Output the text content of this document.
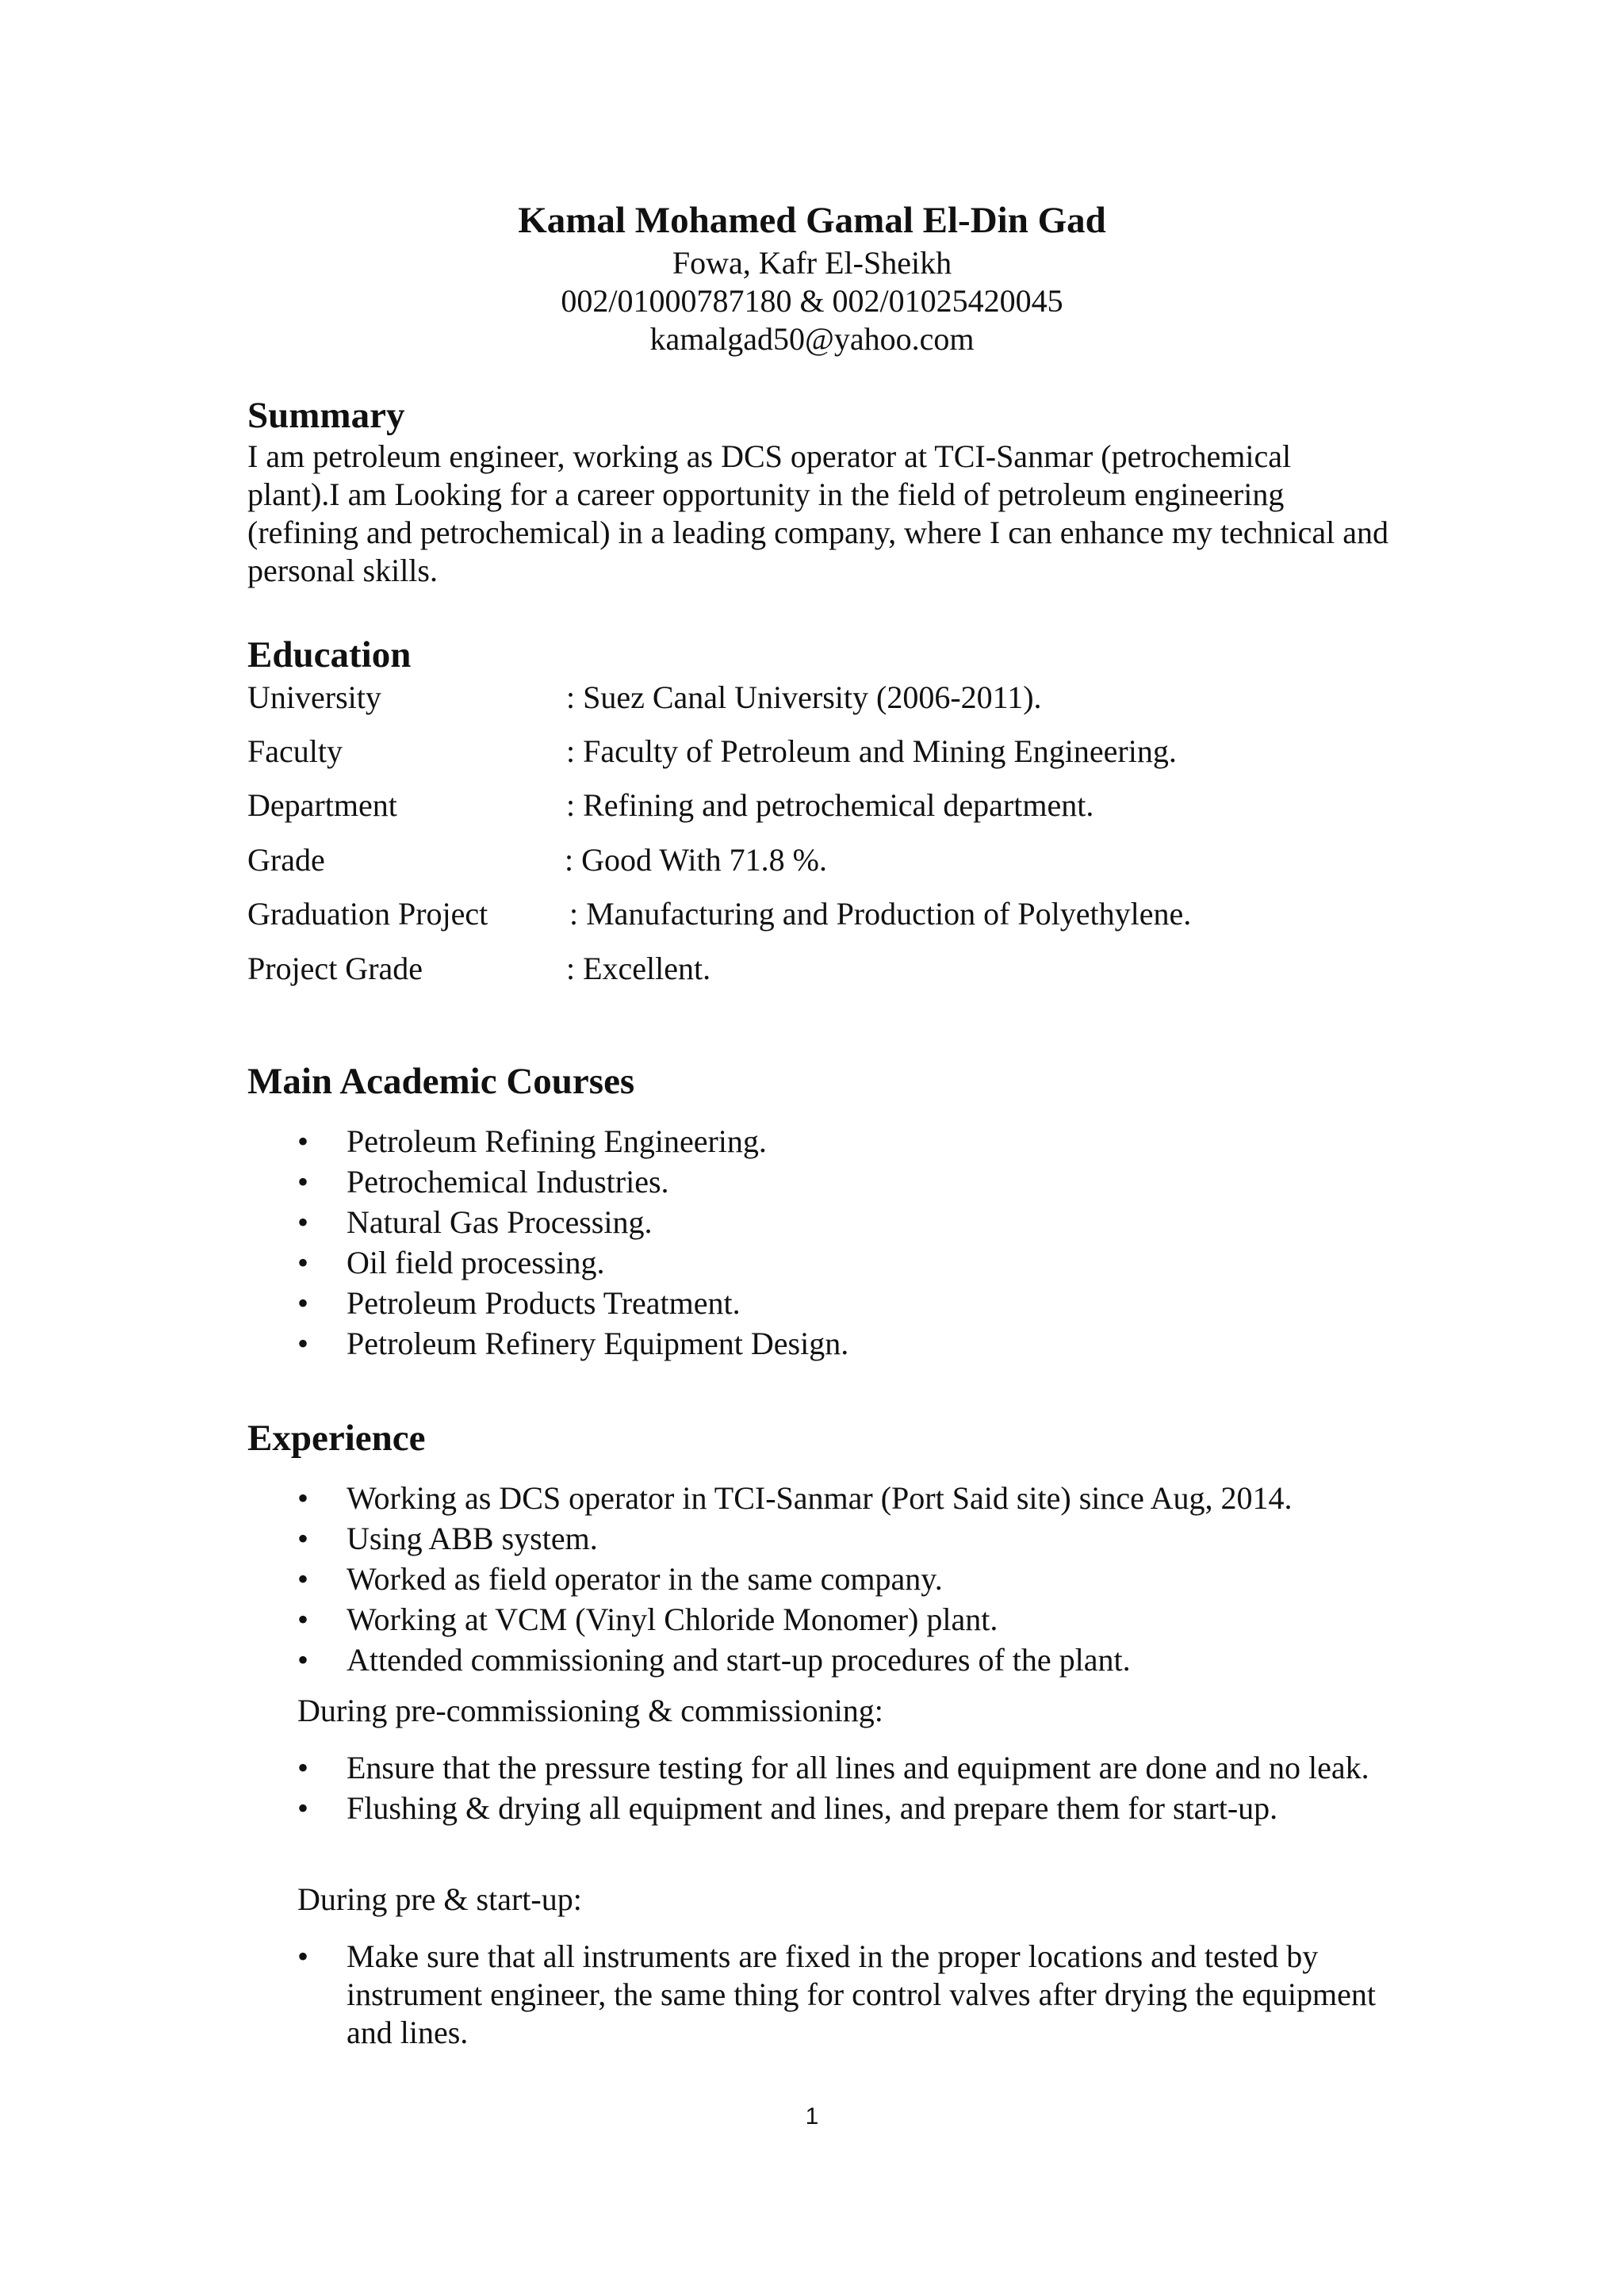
Kamal Mohamed Gamal El-Din Gad
Fowa, Kafr El-Sheikh
002/01000787180 & 002/01025420045
kamalgad50@yahoo.com
Summary
I am petroleum engineer, working as DCS operator at TCI-Sanmar (petrochemical plant).I am Looking for a career opportunity in the field of petroleum engineering (refining and petrochemical) in a leading company, where I can enhance my technical and personal skills.
Education
University	: Suez Canal University (2006-2011).
Faculty	: Faculty of Petroleum and Mining Engineering.
Department	: Refining and petrochemical department.
Grade	: Good With 71.8 %.
Graduation Project	: Manufacturing and Production of Polyethylene.
Project Grade	: Excellent.
Main Academic Courses
• Petroleum Refining Engineering.
• Petrochemical Industries.
• Natural Gas Processing.
• Oil field processing.
• Petroleum Products Treatment.
• Petroleum Refinery Equipment Design.
Experience
• Working as DCS operator in TCI-Sanmar (Port Said site) since Aug, 2014.
• Using ABB system.
• Worked as field operator in the same company.
• Working at VCM (Vinyl Chloride Monomer) plant.
• Attended commissioning and start-up procedures of the plant.
During pre-commissioning & commissioning:
• Ensure that the pressure testing for all lines and equipment are done and no leak.
• Flushing & drying all equipment and lines, and prepare them for start-up.
During pre & start-up:
• Make sure that all instruments are fixed in the proper locations and tested by instrument engineer, the same thing for control valves after drying the equipment and lines.
1
